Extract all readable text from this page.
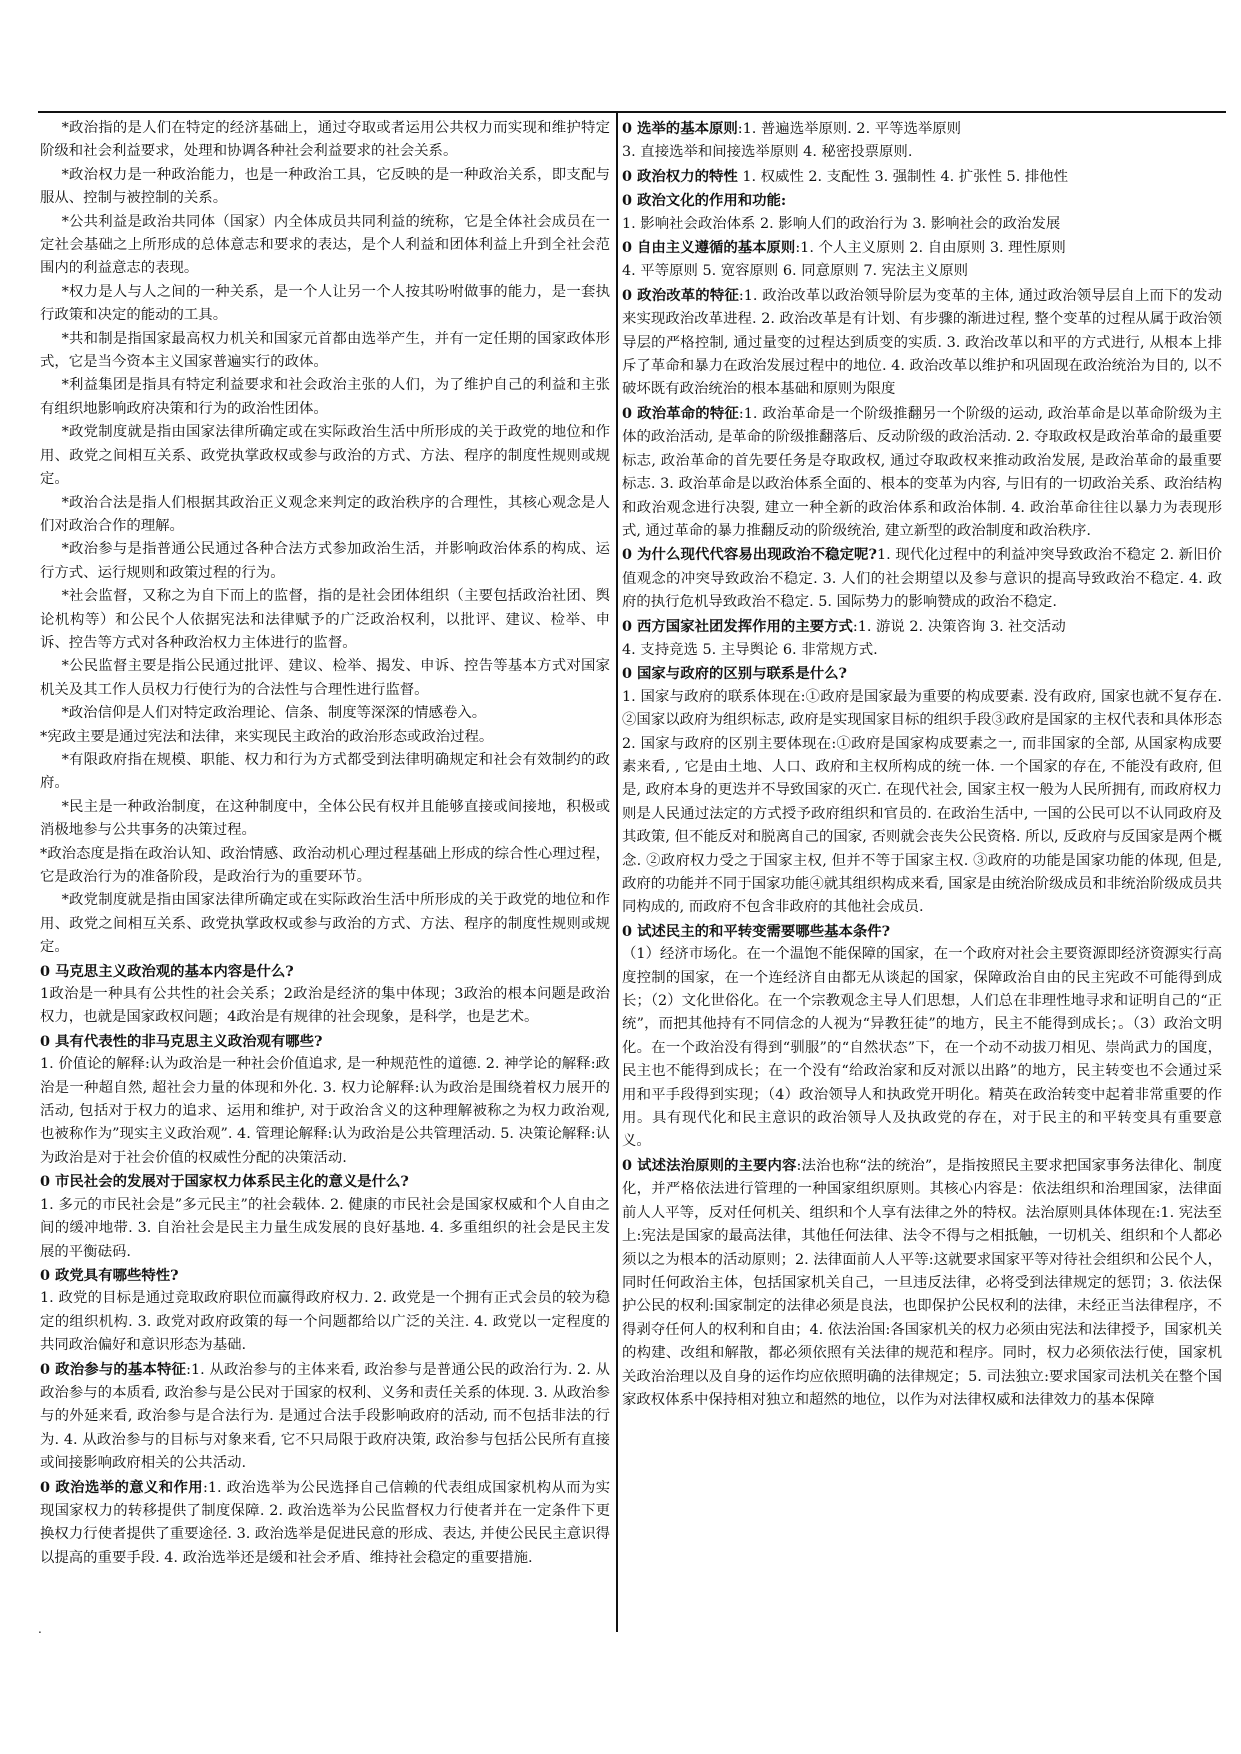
*政治指的是人们在特定的经济基础上，通过夺取或者运用公共权力而实现和维护特定阶级和社会利益要求，处理和协调各种社会利益要求的社会关系。

*政治权力是一种政治能力，也是一种政治工具，它反映的是一种政治关系，即支配与服从、控制与被控制的关系。

*公共利益是政治共同体（国家）内全体成员共同利益的统称，它是全体社会成员在一定社会基础之上所形成的总体意志和要求的表达，是个人利益和团体利益上升到全社会范围内的利益意志的表现。

*权力是人与人之间的一种关系，是一个人让另一个人按其吩咐做事的能力，是一套执行政策和决定的能动的工具。

*共和制是指国家最高权力机关和国家元首都由选举产生，并有一定任期的国家政体形式，它是当今资本主义国家普遍实行的政体。

*利益集团是指具有特定利益要求和社会政治主张的人们，为了维护自己的利益和主张有组织地影响政府决策和行为的政治性团体。

*政党制度就是指由国家法律所确定或在实际政治生活中所形成的关于政党的地位和作用、政党之间相互关系、政党执掌政权或参与政治的方式、方法、程序的制度性规则或规定。

*政治合法是指人们根据其政治正义观念来判定的政治秩序的合理性，其核心观念是人们对政治合作的理解。

*政治参与是指普通公民通过各种合法方式参加政治生活，并影响政治体系的构成、运行方式、运行规则和政策过程的行为。

*社会监督，又称之为自下而上的监督，指的是社会团体组织（主要包括政治社团、舆论机构等）和公民个人依据宪法和法律赋予的广泛政治权利，以批评、建议、检举、申诉、控告等方式对各种政治权力主体进行的监督。

*公民监督主要是指公民通过批评、建议、检举、揭发、申诉、控告等基本方式对国家机关及其工作人员权力行使行为的合法性与合理性进行监督。

*政治信仰是人们对特定政治理论、信条、制度等深深的情感卷入。

*宪政主要是通过宪法和法律，来实现民主政治的政治形态或政治过程。

*有限政府指在规模、职能、权力和行为方式都受到法律明确规定和社会有效制约的政府。

*民主是一种政治制度，在这种制度中，全体公民有权并且能够直接或间接地，积极或消极地参与公共事务的决策过程。

*政治态度是指在政治认知、政治情感、政治动机心理过程基础上形成的综合性心理过程，它是政治行为的准备阶段，是政治行为的重要环节。

*政党制度就是指由国家法律所确定或在实际政治生活中所形成的关于政党的地位和作用、政党之间相互关系、政党执掌政权或参与政治的方式、方法、程序的制度性规则或规定。

0 马克思主义政治观的基本内容是什么?

1政治是一种具有公共性的社会关系；2政治是经济的集中体现；3政治的根本问题是政治权力，也就是国家政权问题；4政治是有规律的社会现象，是科学，也是艺术。

0 具有代表性的非马克思主义政治观有哪些?

1. 价值论的解释:认为政治是一种社会价值追求, 是一种规范性的道德. 2. 神学论的解释:政治是一种超自然, 超社会力量的体现和外化. 3. 权力论解释:认为政治是围绕着权力展开的活动, 包括对于权力的追求、运用和维护, 对于政治含义的这种理解被称之为权力政治观, 也被称作为”现实主义政治观”. 4. 管理论解释:认为政治是公共管理活动. 5. 决策论解释:认为政治是对于社会价值的权威性分配的决策活动.

0 市民社会的发展对于国家权力体系民主化的意义是什么?

1. 多元的市民社会是”多元民主”的社会载体. 2. 健康的市民社会是国家权威和个人自由之间的缓冲地带. 3. 自治社会是民主力量生成发展的良好基地. 4. 多重组织的社会是民主发展的平衡砝码.

0 政党具有哪些特性?

1. 政党的目标是通过竞取政府职位而赢得政府权力. 2. 政党是一个拥有正式会员的较为稳定的组织机构. 3. 政党对政府政策的每一个问题都给以广泛的关注. 4. 政党以一定程度的共同政治偏好和意识形态为基础.

0 政治参与的基本特征:1. 从政治参与的主体来看, 政治参与是普通公民的政治行为. 2. 从政治参与的本质看, 政治参与是公民对于国家的权利、义务和责任关系的体现. 3. 从政治参与的外延来看, 政治参与是合法行为. 是通过合法手段影响政府的活动, 而不包括非法的行为. 4. 从政治参与的目标与对象来看, 它不只局限于政府决策, 政治参与包括公民所有直接或间接影响政府相关的公共活动.

0 政治选举的意义和作用:1. 政治选举为公民选择自己信赖的代表组成国家机构从而为实现国家权力的转移提供了制度保障. 2. 政治选举为公民监督权力行使者并在一定条件下更换权力行使者提供了重要途径. 3. 政治选举是促进民意的形成、表达, 并使公民民主意识得以提高的重要手段. 4. 政治选举还是缓和社会矛盾、维持社会稳定的重要措施.

0 选举的基本原则:1. 普遍选举原则. 2. 平等选举原则

3. 直接选举和间接选举原则 4. 秘密投票原则.

0 政治权力的特性 1. 权威性 2. 支配性 3. 强制性 4. 扩张性 5. 排他性

0 政治文化的作用和功能:

1. 影响社会政治体系 2. 影响人们的政治行为 3. 影响社会的政治发展

0 自由主义遵循的基本原则:1. 个人主义原则 2. 自由原则 3. 理性原则

4. 平等原则 5. 宽容原则 6. 同意原则 7. 宪法主义原则

0 政治改革的特征:1. 政治改革以政治领导阶层为变革的主体, 通过政治领导层自上而下的发动来实现政治改革进程. 2. 政治改革是有计划、有步骤的渐进过程, 整个变革的过程从属于政治领导层的严格控制, 通过量变的过程达到质变的实质. 3. 政治改革以和平的方式进行, 从根本上排斥了革命和暴力在政治发展过程中的地位. 4. 政治改革以维护和巩固现在政治统治为目的, 以不破坏既有政治统治的根本基础和原则为限度

0 政治革命的特征:1. 政治革命是一个阶级推翻另一个阶级的运动, 政治革命是以革命阶级为主体的政治活动, 是革命的阶级推翻落后、反动阶级的政治活动. 2. 夺取政权是政治革命的最重要标志, 政治革命的首先要任务是夺取政权, 通过夺取政权来推动政治发展, 是政治革命的最重要标志. 3. 政治革命是以政治体系全面的、根本的变革为内容, 与旧有的一切政治关系、政治结构和政治观念进行决裂, 建立一种全新的政治体系和政治体制. 4. 政治革命往往以暴力为表现形式, 通过革命的暴力推翻反动的阶级统治, 建立新型的政治制度和政治秩序.

0 为什么现代代容易出现政治不稳定呢?1. 现代化过程中的利益冲突导致政治不稳定 2. 新旧价值观念的冲突导致政治不稳定. 3. 人们的社会期望以及参与意识的提高导致政治不稳定. 4. 政府的执行危机导致政治不稳定. 5. 国际势力的影响赞成的政治不稳定.

0 西方国家社团发挥作用的主要方式:1. 游说 2. 决策咨询 3. 社交活动

4. 支持竞选 5. 主导舆论 6. 非常规方式.

0 国家与政府的区别与联系是什么?

1. 国家与政府的联系体现在:①政府是国家最为重要的构成要素. 没有政府, 国家也就不复存在. ②国家以政府为组织标志, 政府是实现国家目标的组织手段③政府是国家的主权代表和具体形态 2. 国家与政府的区别主要体现在:①政府是国家构成要素之一, 而非国家的全部, 从国家构成要素来看, , 它是由土地、人口、政府和主权所构成的统一体. 一个国家的存在, 不能没有政府, 但是, 政府本身的更迭并不导致国家的灭亡. 在现代社会, 国家主权一般为人民所拥有, 而政府权力则是人民通过法定的方式授予政府组织和官员的. 在政治生活中, 一国的公民可以不认同政府及其政策, 但不能反对和脱离自己的国家, 否则就会丧失公民资格. 所以, 反政府与反国家是两个概念. ②政府权力受之于国家主权, 但并不等于国家主权. ③政府的功能是国家功能的体现, 但是, 政府的功能并不同于国家功能④就其组织构成来看, 国家是由统治阶级成员和非统治阶级成员共同构成的, 而政府不包含非政府的其他社会成员.

0 试述民主的和平转变需要哪些基本条件?

（1）经济市场化。在一个温饱不能保障的国家，在一个政府对社会主要资源即经济资源实行高度控制的国家，在一个连经济自由都无从谈起的国家，保障政治自由的民主宪政不可能得到成长；（2）文化世俗化。在一个宗教观念主导人们思想，人们总在非理性地寻求和证明自己的“正统”，而把其他持有不同信念的人视为“异教狂徒”的地方，民主不能得到成长；。（3）政治文明化。在一个政治没有得到“驯服”的“自然状态”下，在一个动不动拔刀相见、崇尚武力的国度，民主也不能得到成长；在一个没有“给政治家和反对派以出路”的地方，民主转变也不会通过采用和平手段得到实现；（4）政治领导人和执政党开明化。精英在政治转变中起着非常重要的作用。具有现代化和民主意识的政治领导人及执政党的存在，对于民主的和平转变具有重要意义。

0 试述法治原则的主要内容:法治也称“法的统治”，是指按照民主要求把国家事务法律化、制度化，并严格依法进行管理的一种国家组织原则。其核心内容是：依法组织和治理国家，法律面前人人平等，反对任何机关、组织和个人享有法律之外的特权。法治原则具体体现在:1. 宪法至上:宪法是国家的最高法律，其他任何法律、法令不得与之相抵触，一切机关、组织和个人都必须以之为根本的活动原则；2. 法律面前人人平等:这就要求国家平等对待社会组织和公民个人，同时任何政治主体，包括国家机关自己，一旦违反法律，必将受到法律规定的惩罚；3. 依法保护公民的权利:国家制定的法律必须是良法，也即保护公民权利的法律，未经正当法律程序，不得剥夺任何人的权利和自由；4. 依法治国:各国家机关的权力必须由宪法和法律授予，国家机关的构建、改组和解散，都必须依照有关法律的规范和程序。同时，权力必须依法行使，国家机关政治治理以及自身的运作均应依照明确的法律规定；5. 司法独立:要求国家司法机关在整个国家政权体系中保持相对独立和超然的地位，以作为对法律权威和法律效力的基本保障

.
